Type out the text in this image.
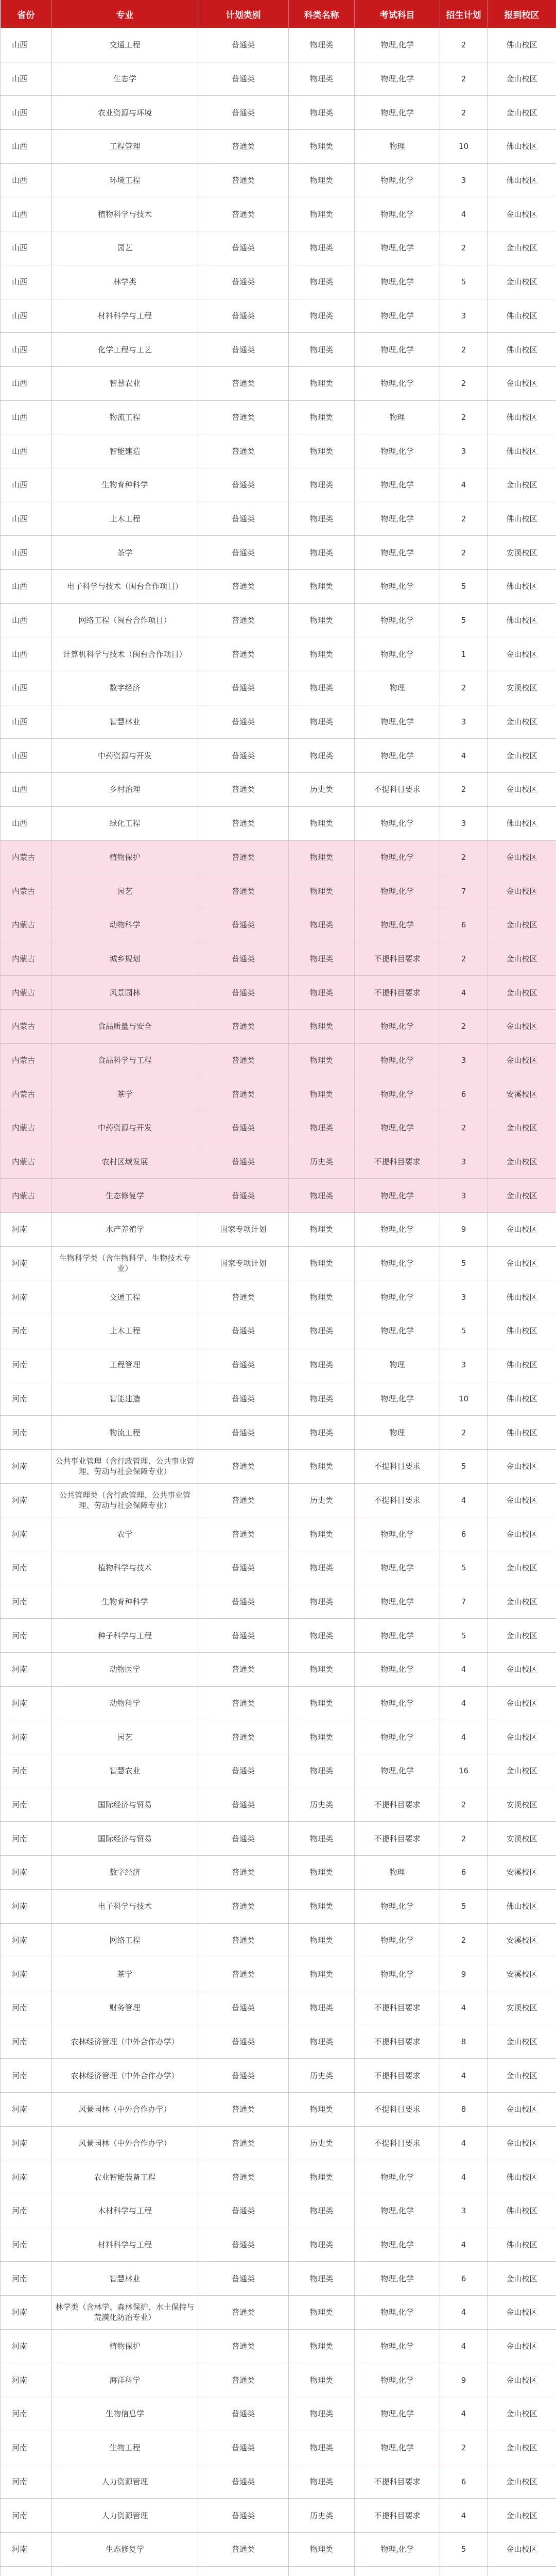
省份	专业	计划类别	科类名称	考试科目	招生计划	报到校区
山西	交通工程	普通类	物理类	物理,化学	2	佛山校区
山西	生态学	普通类	物理类	物理,化学	2	金山校区
山西	农业资源与环境	普通类	物理类	物理,化学	2	金山校区
山西	工程管理	普通类	物理类	物理	10	佛山校区
山西	环境工程	普通类	物理类	物理,化学	3	佛山校区
山西	植物科学与技术	普通类	物理类	物理,化学	4	金山校区
山西	园艺	普通类	物理类	物理,化学	2	金山校区
山西	林学类	普通类	物理类	物理,化学	5	金山校区
山西	材料科学与工程	普通类	物理类	物理,化学	3	佛山校区
山西	化学工程与工艺	普通类	物理类	物理,化学	2	佛山校区
山西	智慧农业	普通类	物理类	物理,化学	2	金山校区
山西	物流工程	普通类	物理类	物理	2	佛山校区
山西	智能建造	普通类	物理类	物理,化学	3	佛山校区
山西	生物育种科学	普通类	物理类	物理,化学	4	金山校区
山西	土木工程	普通类	物理类	物理,化学	2	佛山校区
山西	茶学	普通类	物理类	物理,化学	2	安溪校区
山西	电子科学与技术（闽台合作项目）	普通类	物理类	物理,化学	5	佛山校区
山西	网络工程（闽台合作项目）	普通类	物理类	物理,化学	5	佛山校区
山西	计算机科学与技术（闽台合作项目）	普通类	物理类	物理,化学	1	金山校区
山西	数字经济	普通类	物理类	物理	2	安溪校区
山西	智慧林业	普通类	物理类	物理,化学	3	金山校区
山西	中药资源与开发	普通类	物理类	物理,化学	4	金山校区
山西	乡村治理	普通类	历史类	不提科目要求	2	金山校区
山西	绿化工程	普通类	物理类	物理,化学	3	佛山校区
内蒙古	植物保护	普通类	物理类	物理,化学	2	金山校区
内蒙古	园艺	普通类	物理类	物理,化学	7	金山校区
内蒙古	动物科学	普通类	物理类	物理,化学	6	金山校区
内蒙古	城乡规划	普通类	物理类	不提科目要求	2	金山校区
内蒙古	风景园林	普通类	物理类	不提科目要求	4	金山校区
内蒙古	食品质量与安全	普通类	物理类	物理,化学	2	金山校区
内蒙古	食品科学与工程	普通类	物理类	物理,化学	3	金山校区
内蒙古	茶学	普通类	物理类	物理,化学	6	安溪校区
内蒙古	中药资源与开发	普通类	物理类	物理,化学	2	金山校区
内蒙古	农村区域发展	普通类	历史类	不提科目要求	3	金山校区
内蒙古	生态修复学	普通类	物理类	物理,化学	3	金山校区
河南	水产养殖学	国家专项计划	物理类	物理,化学	9	金山校区
河南	生物科学类（含生物科学、生物技术专业）	国家专项计划	物理类	物理,化学	5	金山校区
河南	交通工程	普通类	物理类	物理,化学	3	佛山校区
河南	土木工程	普通类	物理类	物理,化学	5	佛山校区
河南	工程管理	普通类	物理类	物理	3	佛山校区
河南	智能建造	普通类	物理类	物理,化学	10	佛山校区
河南	物流工程	普通类	物理类	物理	2	佛山校区
河南	公共事业管理（含行政管理、公共事业管理、劳动与社会保障专业）	普通类	物理类	不提科目要求	5	金山校区
河南	公共管理类（含行政管理、公共事业管理、劳动与社会保障专业）	普通类	历史类	不提科目要求	4	金山校区
河南	农学	普通类	物理类	物理,化学	6	金山校区
河南	植物科学与技术	普通类	物理类	物理,化学	5	金山校区
河南	生物育种科学	普通类	物理类	物理,化学	7	金山校区
河南	种子科学与工程	普通类	物理类	物理,化学	5	金山校区
河南	动物医学	普通类	物理类	物理,化学	4	金山校区
河南	动物科学	普通类	物理类	物理,化学	4	金山校区
河南	园艺	普通类	物理类	物理,化学	4	金山校区
河南	智慧农业	普通类	物理类	物理,化学	16	金山校区
河南	国际经济与贸易	普通类	历史类	不提科目要求	2	安溪校区
河南	国际经济与贸易	普通类	物理类	不提科目要求	2	安溪校区
河南	数字经济	普通类	物理类	物理	6	安溪校区
河南	电子科学与技术	普通类	物理类	物理,化学	5	佛山校区
河南	网络工程	普通类	物理类	物理,化学	2	安溪校区
河南	茶学	普通类	物理类	物理,化学	9	安溪校区
河南	财务管理	普通类	物理类	不提科目要求	4	安溪校区
河南	农林经济管理（中外合作办学）	普通类	物理类	不提科目要求	8	金山校区
河南	农林经济管理（中外合作办学）	普通类	历史类	不提科目要求	4	金山校区
河南	风景园林（中外合作办学）	普通类	物理类	不提科目要求	8	金山校区
河南	风景园林（中外合作办学）	普通类	历史类	不提科目要求	4	金山校区
河南	农业智能装备工程	普通类	物理类	物理,化学	4	佛山校区
河南	木材科学与工程	普通类	物理类	物理,化学	3	佛山校区
河南	材料科学与工程	普通类	物理类	物理,化学	4	佛山校区
河南	智慧林业	普通类	物理类	物理,化学	6	金山校区
河南	林学类（含林学、森林保护、水土保持与荒漠化防治专业）	普通类	物理类	物理,化学	4	金山校区
河南	植物保护	普通类	物理类	物理,化学	4	金山校区
河南	海洋科学	普通类	物理类	物理,化学	9	金山校区
河南	生物信息学	普通类	物理类	物理,化学	4	金山校区
河南	生物工程	普通类	物理类	物理,化学	2	金山校区
河南	人力资源管理	普通类	物理类	不提科目要求	6	金山校区
河南	人力资源管理	普通类	历史类	不提科目要求	4	金山校区
河南	生态修复学	普通类	物理类	物理,化学	5	金山校区
